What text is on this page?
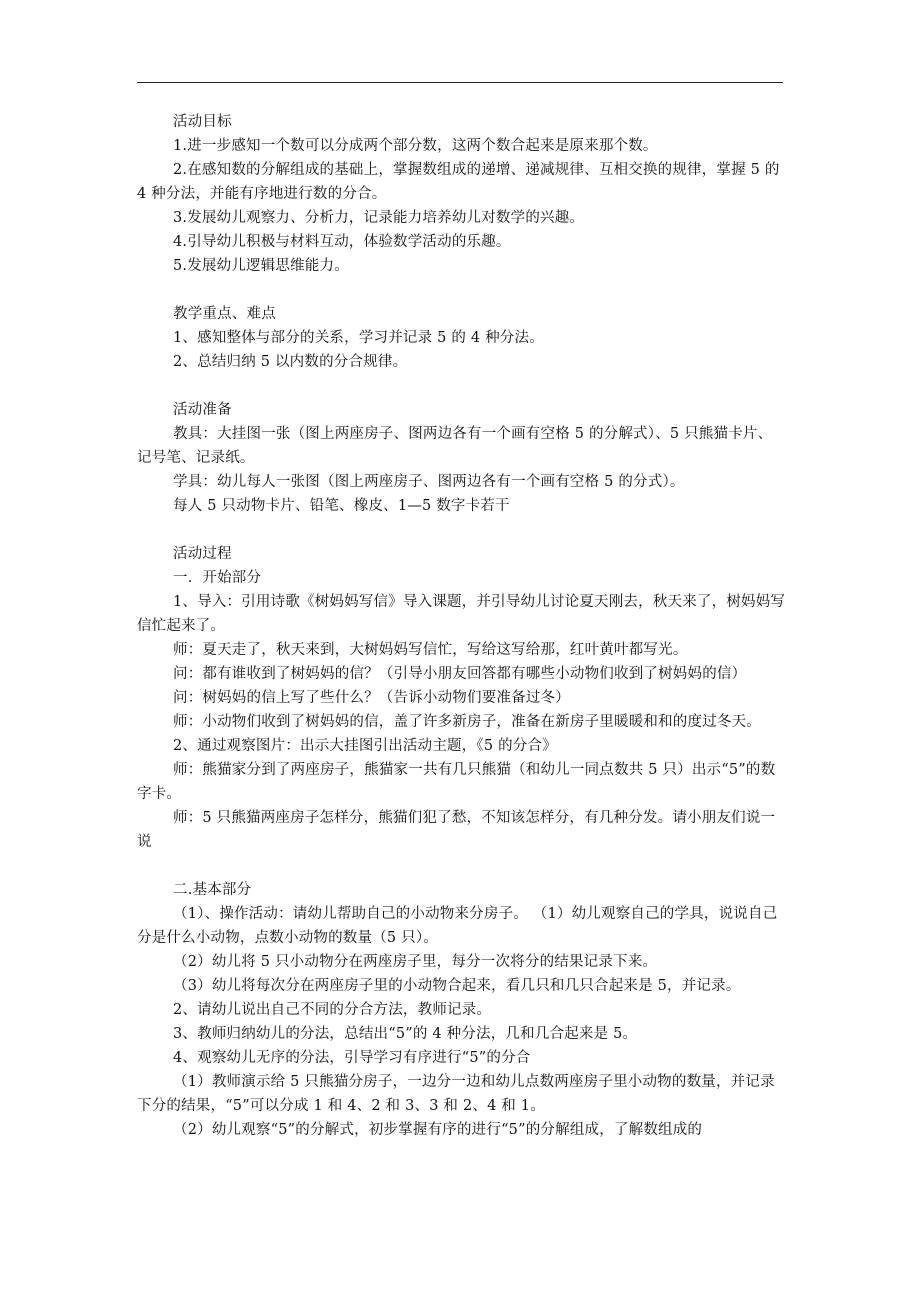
活动目标

1.进一步感知一个数可以分成两个部分数，这两个数合起来是原来那个数。

2.在感知数的分解组成的基础上，掌握数组成的递增、递减规律、互相交换的规律，掌握 5 的 4 种分法，并能有序地进行数的分合。

3.发展幼儿观察力、分析力，记录能力培养幼儿对数学的兴趣。

4.引导幼儿积极与材料互动，体验数学活动的乐趣。

5.发展幼儿逻辑思维能力。

教学重点、难点

1、感知整体与部分的关系，学习并记录 5 的 4 种分法。

2、总结归纳 5 以内数的分合规律。

活动准备

教具：大挂图一张（图上两座房子、图两边各有一个画有空格 5 的分解式）、5 只熊猫卡片、记号笔、记录纸。

学具：幼儿每人一张图（图上两座房子、图两边各有一个画有空格 5 的分式）。

每人 5 只动物卡片、铅笔、橡皮、1—5 数字卡若干

活动过程

一．开始部分

1、导入：引用诗歌《树妈妈写信》导入课题，并引导幼儿讨论夏天刚去，秋天来了，树妈妈写信忙起来了。

师：夏天走了，秋天来到，大树妈妈写信忙，写给这写给那，红叶黄叶都写光。

问：都有谁收到了树妈妈的信？（引导小朋友回答都有哪些小动物们收到了树妈妈的信）

问：树妈妈的信上写了些什么？（告诉小动物们要准备过冬）

师：小动物们收到了树妈妈的信，盖了许多新房子，准备在新房子里暖暖和和的度过冬天。

2、通过观察图片：出示大挂图引出活动主题，《5 的分合》

师：熊猫家分到了两座房子，熊猫家一共有几只熊猫（和幼儿一同点数共 5 只）出示“5”的数字卡。

师：5 只熊猫两座房子怎样分，熊猫们犯了愁，不知该怎样分，有几种分发。请小朋友们说一说

二.基本部分

（1）、操作活动：请幼儿帮助自己的小动物来分房子。 （1）幼儿观察自己的学具，说说自己分是什么小动物，点数小动物的数量（5 只）。

（2）幼儿将 5 只小动物分在两座房子里，每分一次将分的结果记录下来。

（3）幼儿将每次分在两座房子里的小动物合起来，看几只和几只合起来是 5，并记录。

2、请幼儿说出自己不同的分合方法，教师记录。

3、教师归纳幼儿的分法，总结出“5”的 4 种分法，几和几合起来是 5。

4、观察幼儿无序的分法，引导学习有序进行“5”的分合

（1）教师演示给 5 只熊猫分房子，一边分一边和幼儿点数两座房子里小动物的数量，并记录下分的结果，“5”可以分成 1 和 4、2 和 3、3 和 2、4 和 1。

（2）幼儿观察“5”的分解式，初步掌握有序的进行“5”的分解组成，了解数组成的
